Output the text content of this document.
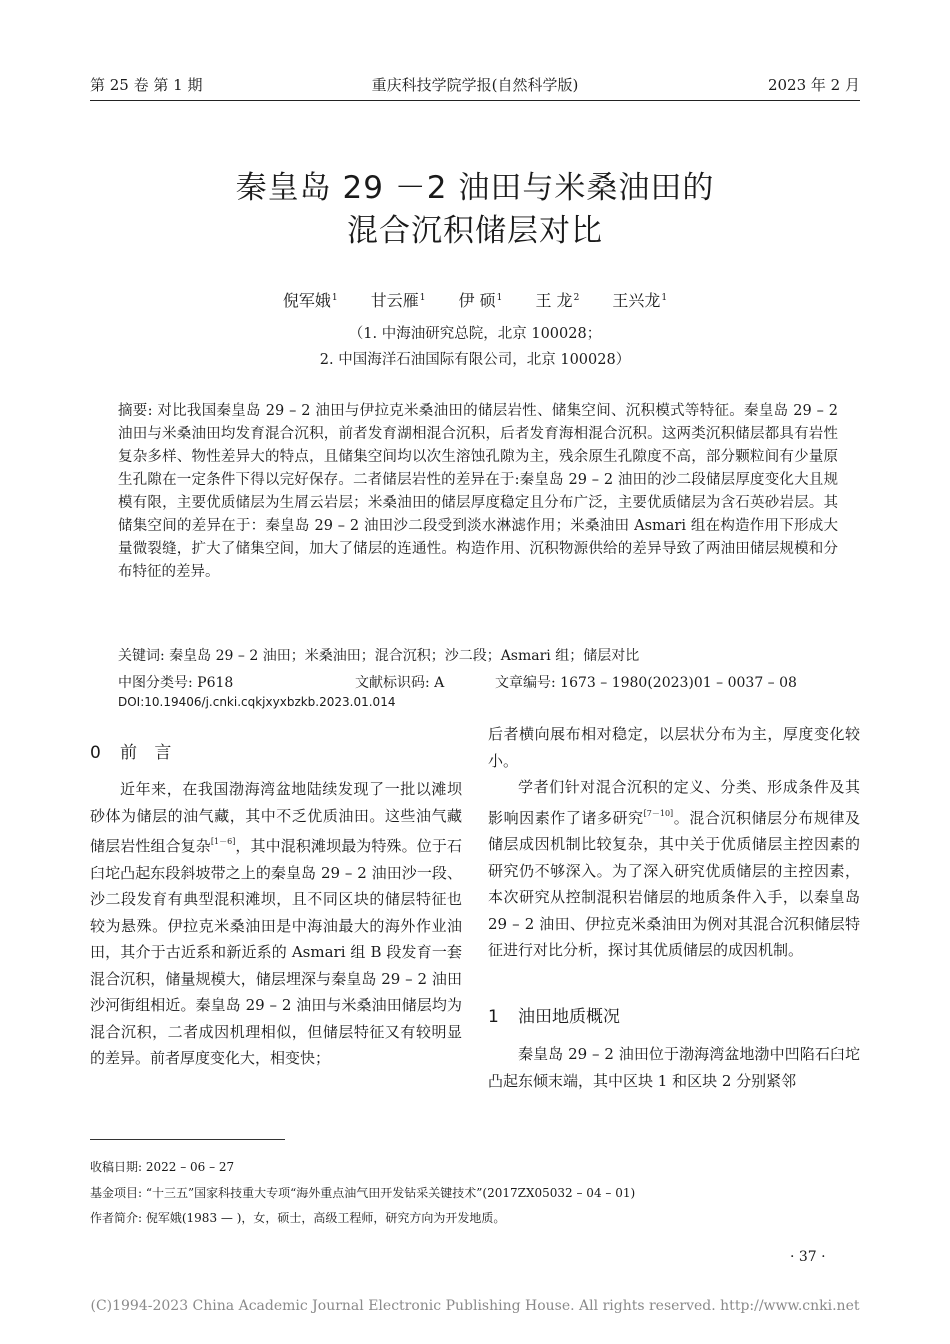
第 25 卷 第 1 期	重庆科技学院学报(自然科学版)	2023 年 2 月
秦皇岛 29 －2 油田与米桑油田的
混合沉积储层对比
倪军娥$^1$ 甘云雁$^1$ 伊 硕$^1$ 王 龙$^2$ 王兴龙$^1$
（1. 中海油研究总院，北京 100028；
2. 中国海洋石油国际有限公司，北京 100028）
摘要: 对比我国秦皇岛 29 – 2 油田与伊拉克米桑油田的储层岩性、储集空间、沉积模式等特征。秦皇岛 29 – 2 油田与米桑油田均发育混合沉积，前者发育湖相混合沉积，后者发育海相混合沉积。这两类沉积储层都具有岩性复杂多样、物性差异大的特点，且储集空间均以次生溶蚀孔隙为主，残余原生孔隙度不高，部分颗粒间有少量原生孔隙在一定条件下得以完好保存。二者储层岩性的差异在于:秦皇岛 29 – 2 油田的沙二段储层厚度变化大且规模有限，主要优质储层为生屑云岩层；米桑油田的储层厚度稳定且分布广泛，主要优质储层为含石英砂岩层。其储集空间的差异在于：秦皇岛 29 – 2 油田沙二段受到淡水淋滤作用；米桑油田 Asmari 组在构造作用下形成大量微裂缝，扩大了储集空间，加大了储层的连通性。构造作用、沉积物源供给的差异导致了两油田储层规模和分布特征的差异。
关键词: 秦皇岛 29 – 2 油田；米桑油田；混合沉积；沙二段；Asmari 组；储层对比
中图分类号: P618	文献标识码: A	文章编号: 1673 – 1980(2023)01 – 0037 – 08
DOI:10.19406/j.cnki.cqkjxyxbzkb.2023.01.014
0 前 言

近年来，在我国渤海湾盆地陆续发现了一批以滩坝砂体为储层的油气藏，其中不乏优质油田。这些油气藏储层岩性组合复杂[1－6]，其中混积滩坝最为特殊。位于石臼坨凸起东段斜坡带之上的秦皇岛 29 – 2 油田沙一段、沙二段发育有典型混积滩坝，且不同区块的储层特征也较为悬殊。伊拉克米桑油田是中海油最大的海外作业油田，其介于古近系和新近系的 Asmari 组 B 段发育一套混合沉积，储量规模大，储层埋深与秦皇岛 29 – 2 油田沙河街组相近。秦皇岛 29 – 2 油田与米桑油田储层均为混合沉积，二者成因机理相似，但储层特征又有较明显的差异。前者厚度变化大，相变快；

后者横向展布相对稳定，以层状分布为主，厚度变化较小。

学者们针对混合沉积的定义、分类、形成条件及其影响因素作了诸多研究[7－10]。混合沉积储层分布规律及储层成因机制比较复杂，其中关于优质储层主控因素的研究仍不够深入。为了深入研究优质储层的主控因素，本次研究从控制混积岩储层的地质条件入手，以秦皇岛 29 – 2 油田、伊拉克米桑油田为例对其混合沉积储层特征进行对比分析，探讨其优质储层的成因机制。

1 油田地质概况

秦皇岛 29 – 2 油田位于渤海湾盆地渤中凹陷石臼坨凸起东倾末端，其中区块 1 和区块 2 分别紧邻

收稿日期: 2022 – 06 – 27
基金项目: “十三五”国家科技重大专项“海外重点油气田开发钻采关键技术”(2017ZX05032 – 04 – 01)
作者简介: 倪军娥(1983 — )，女，硕士，高级工程师，研究方向为开发地质。
· 37 ·
(C)1994-2023 China Academic Journal Electronic Publishing House. All rights reserved. http://www.cnki.net
